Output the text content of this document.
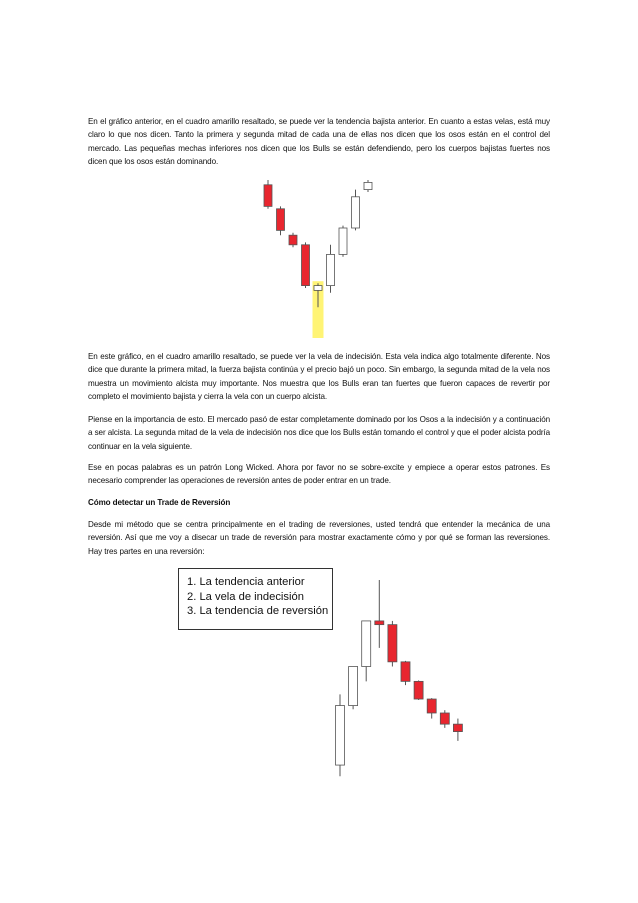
En el gráfico anterior, en el cuadro amarillo resaltado, se puede ver la tendencia bajista anterior. En cuanto a estas velas, está muy claro lo que nos dicen. Tanto la primera y segunda mitad de cada una de ellas nos dicen que los osos están en el control del mercado. Las pequeñas mechas inferiores nos dicen que los Bulls se están defendiendo, pero los cuerpos bajistas fuertes nos dicen que los osos están dominando.

En este gráfico, en el cuadro amarillo resaltado, se puede ver la vela de indecisión. Esta vela indica algo totalmente diferente. Nos dice que durante la primera mitad, la fuerza bajista continúa y el precio bajó un poco. Sin embargo, la segunda mitad de la vela nos muestra un movimiento alcista muy importante. Nos muestra que los Bulls eran tan fuertes que fueron capaces de revertir por completo el movimiento bajista y cierra la vela con un cuerpo alcista.

Piense en la importancia de esto. El mercado pasó de estar completamente dominado por los Osos a la indecisión y a continuación a ser alcista. La segunda mitad de la vela de indecisión nos dice que los Bulls están tomando el control y que el poder alcista podría continuar en la vela siguiente.

Ese en pocas palabras es un patrón Long Wicked. Ahora por favor no se sobre-excite y empiece a operar estos patrones. Es necesario comprender las operaciones de reversión antes de poder entrar en un trade.

Cómo detectar un Trade de Reversión

Desde mi método que se centra principalmente en el trading de reversiones, usted tendrá que entender la mecánica de una reversión. Así que me voy a disecar un trade de reversión para mostrar exactamente cómo y por qué se forman las reversiones. Hay tres partes en una reversión:

1. La tendencia anterior
2. La vela de indecisión
3. La tendencia de reversión
